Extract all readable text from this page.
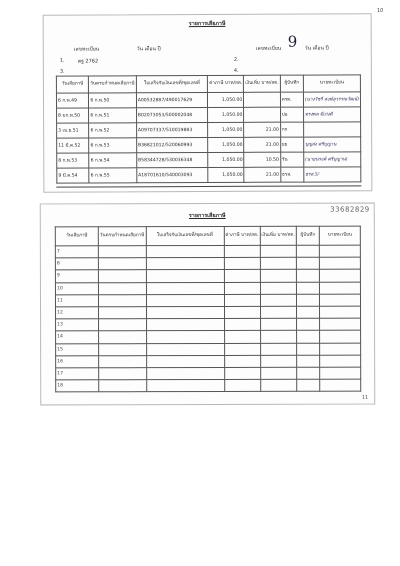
10
รายการเสียภาษี
เลขทะเบียน	วัน เดือน ปี	เลขทะเบียน 9 วัน เดือน ปี
1.	ตฐ 2762	2.
3.	4.
วันเสียภาษี	วันครบกำหนดเสียภาษี	ใบเสร็จรับเงินเลขที่/ชุดเลขที่	ค่าภาษี บาท/สต.	เงินเพิ่ม บาท/สต.	ผู้บันทึก	นายทะเบียน
6 ก.พ.49	6 ก.พ.50	A00532887/490017629	1,050.00		ตรต.	(นางวัชรี สงฆ์สุวรรณวัฒน์)
8 มก.พ.50	6 ก.พ.51	B02073053/500002048	1,050.00		ปอ	ทรงพล มีเก่งดี
3 เม.ย.51	6 ก.พ.52	A09707337/510019883	1,050.00	21.00	กก	
11 มี.ค.52	6 ก.พ.53	B36821012/520060993	1,050.00	21.00	ยย	บุญส่ง ศรีบุญาน
8 ก.พ.53	6 ก.พ.54	B58344728/530036348	1,050.00	10.50	รัน	(นายนรงค์ ศรีบุญาน)
9 มี.ค.54	6 ก.พ.55	A18701610/540003093	1,050.00	21.00	ธรส.	ธรส.5/
33682829
รายการเสียภาษี
วันเสียภาษี	วันครบกำหนดเสียภาษี	ใบเสร็จรับเงินเลขที่/ชุดเลขที่	ค่าภาษี บาท/สต.	เงินเพิ่ม บาท/สต.	ผู้บันทึก	นายทะเบียน
7						
8						
9						
10						
11						
12						
13						
14						
15						
16						
17						
18						
11
